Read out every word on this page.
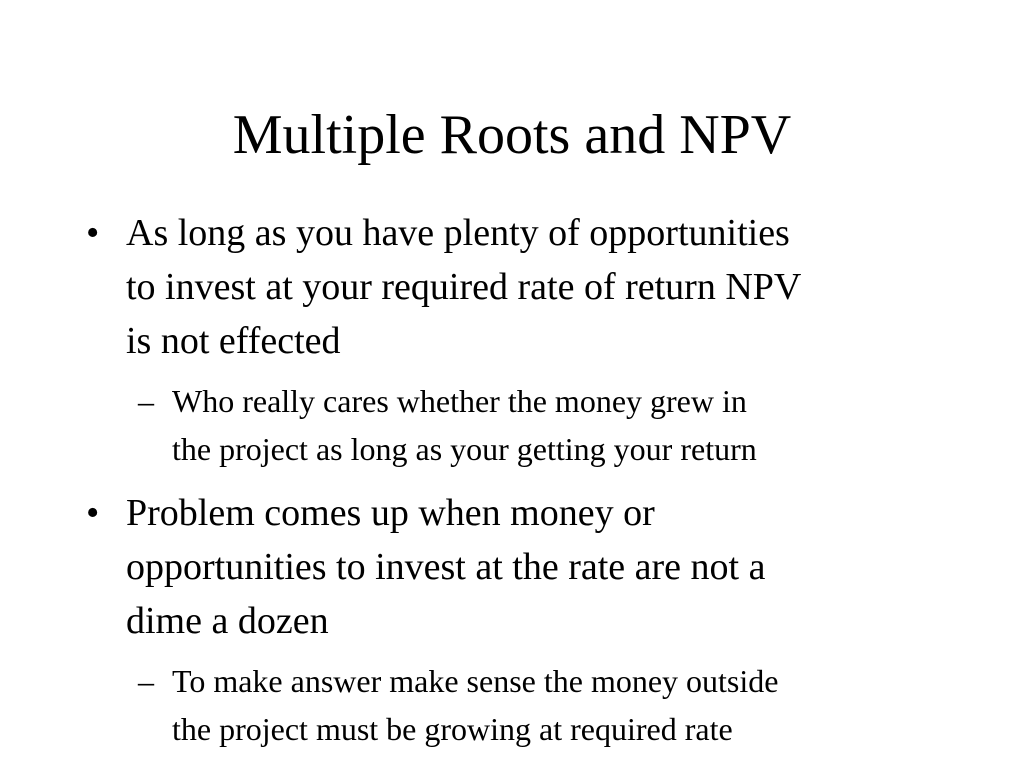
Multiple Roots and NPV
• As long as you have plenty of opportunities
to invest at your required rate of return NPV
is not effected
– Who really cares whether the money grew in
the project as long as your getting your return
• Problem comes up when money or
opportunities to invest at the rate are not a
dime a dozen
– To make answer make sense the money outside
the project must be growing at required rate
